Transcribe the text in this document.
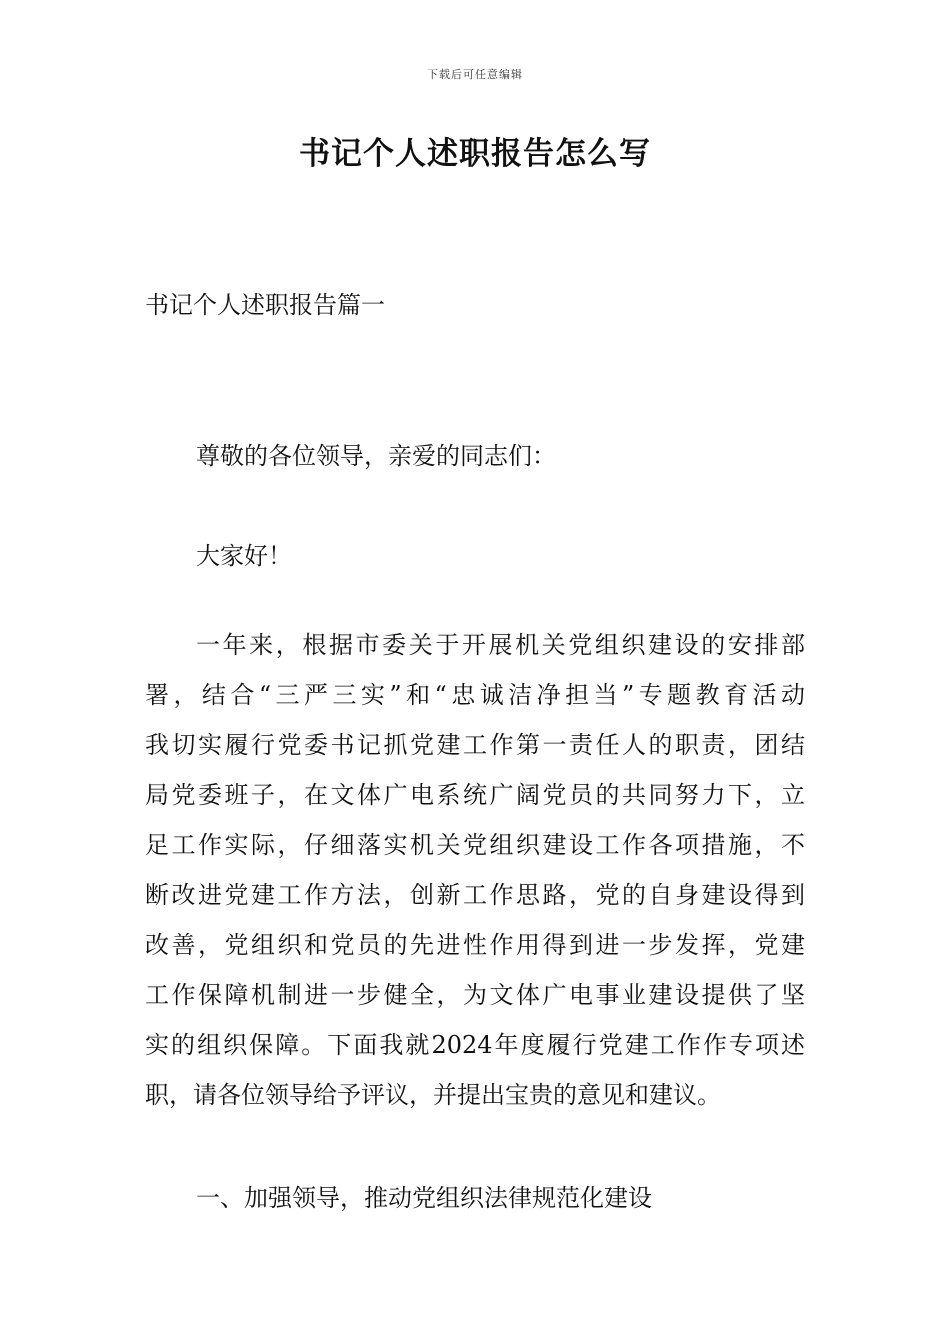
下载后可任意编辑
书记个人述职报告怎么写
书记个人述职报告篇一
尊敬的各位领导，亲爱的同志们：
大家好！
一年来，根据市委关于开展机关党组织建设的安排部
署，结合“三严三实”和“忠诚洁净担当”专题教育活动
我切实履行党委书记抓党建工作第一责任人的职责，团结
局党委班子，在文体广电系统广阔党员的共同努力下，立
足工作实际，仔细落实机关党组织建设工作各项措施，不
断改进党建工作方法，创新工作思路，党的自身建设得到
改善，党组织和党员的先进性作用得到进一步发挥，党建
工作保障机制进一步健全，为文体广电事业建设提供了坚
实的组织保障。下面我就2024年度履行党建工作作专项述
职，请各位领导给予评议，并提出宝贵的意见和建议。
一、加强领导，推动党组织法律规范化建设
